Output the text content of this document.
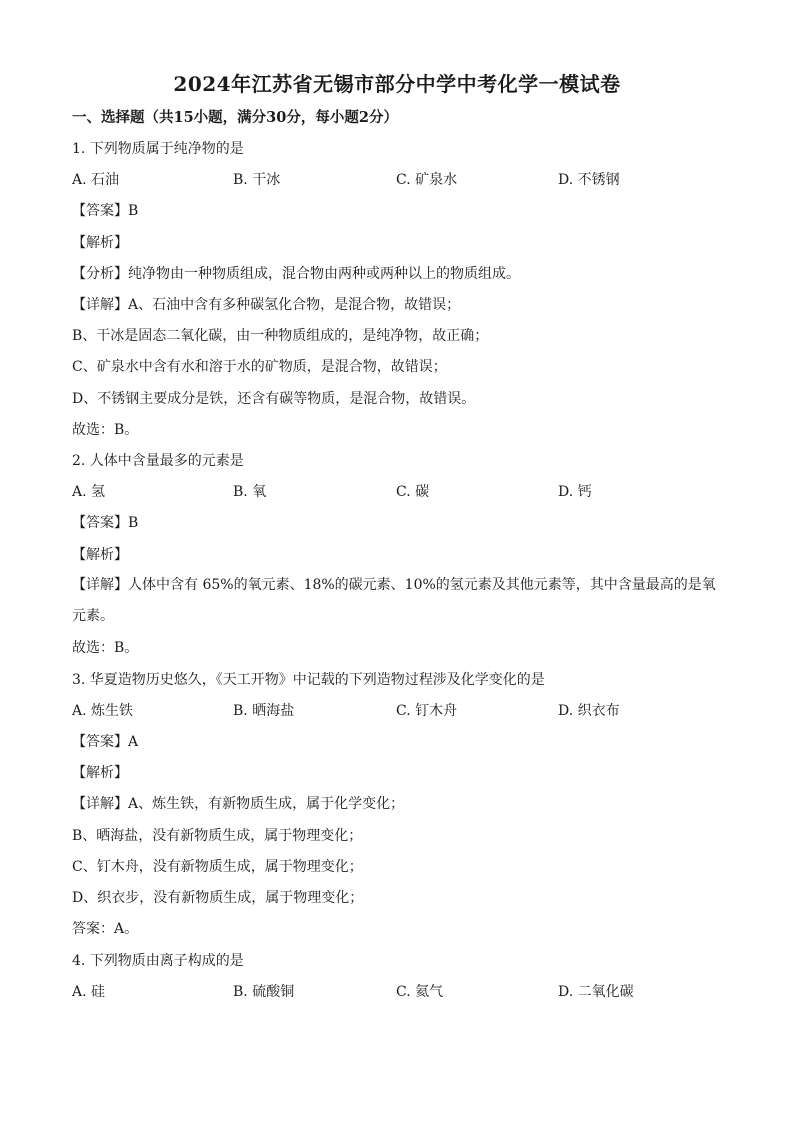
2024年江苏省无锡市部分中学中考化学一模试卷
一、选择题（共15小题，满分30分，每小题2分）
1. 下列物质属于纯净物的是
A. 石油	B. 干冰	C. 矿泉水	D. 不锈钢
【答案】B
【解析】
【分析】纯净物由一种物质组成，混合物由两种或两种以上的物质组成。
【详解】A、石油中含有多种碳氢化合物，是混合物，故错误；
B、干冰是固态二氧化碳，由一种物质组成的，是纯净物，故正确；
C、矿泉水中含有水和溶于水的矿物质，是混合物，故错误；
D、不锈钢主要成分是铁，还含有碳等物质，是混合物，故错误。
故选：B。
2. 人体中含量最多的元素是
A. 氢	B. 氧	C. 碳	D. 钙
【答案】B
【解析】
【详解】人体中含有 65%的氧元素、18%的碳元素、10%的氢元素及其他元素等，其中含量最高的是氧元素。
故选：B。
3. 华夏造物历史悠久，《天工开物》中记载的下列造物过程涉及化学变化的是
A. 炼生铁	B. 晒海盐	C. 钉木舟	D. 织衣布
【答案】A
【解析】
【详解】A、炼生铁，有新物质生成，属于化学变化；
B、晒海盐，没有新物质生成，属于物理变化；
C、钉木舟，没有新物质生成，属于物理变化；
D、织衣步，没有新物质生成，属于物理变化；
答案：A。
4. 下列物质由离子构成的是
A. 硅	B. 硫酸铜	C. 氦气	D. 二氧化碳
